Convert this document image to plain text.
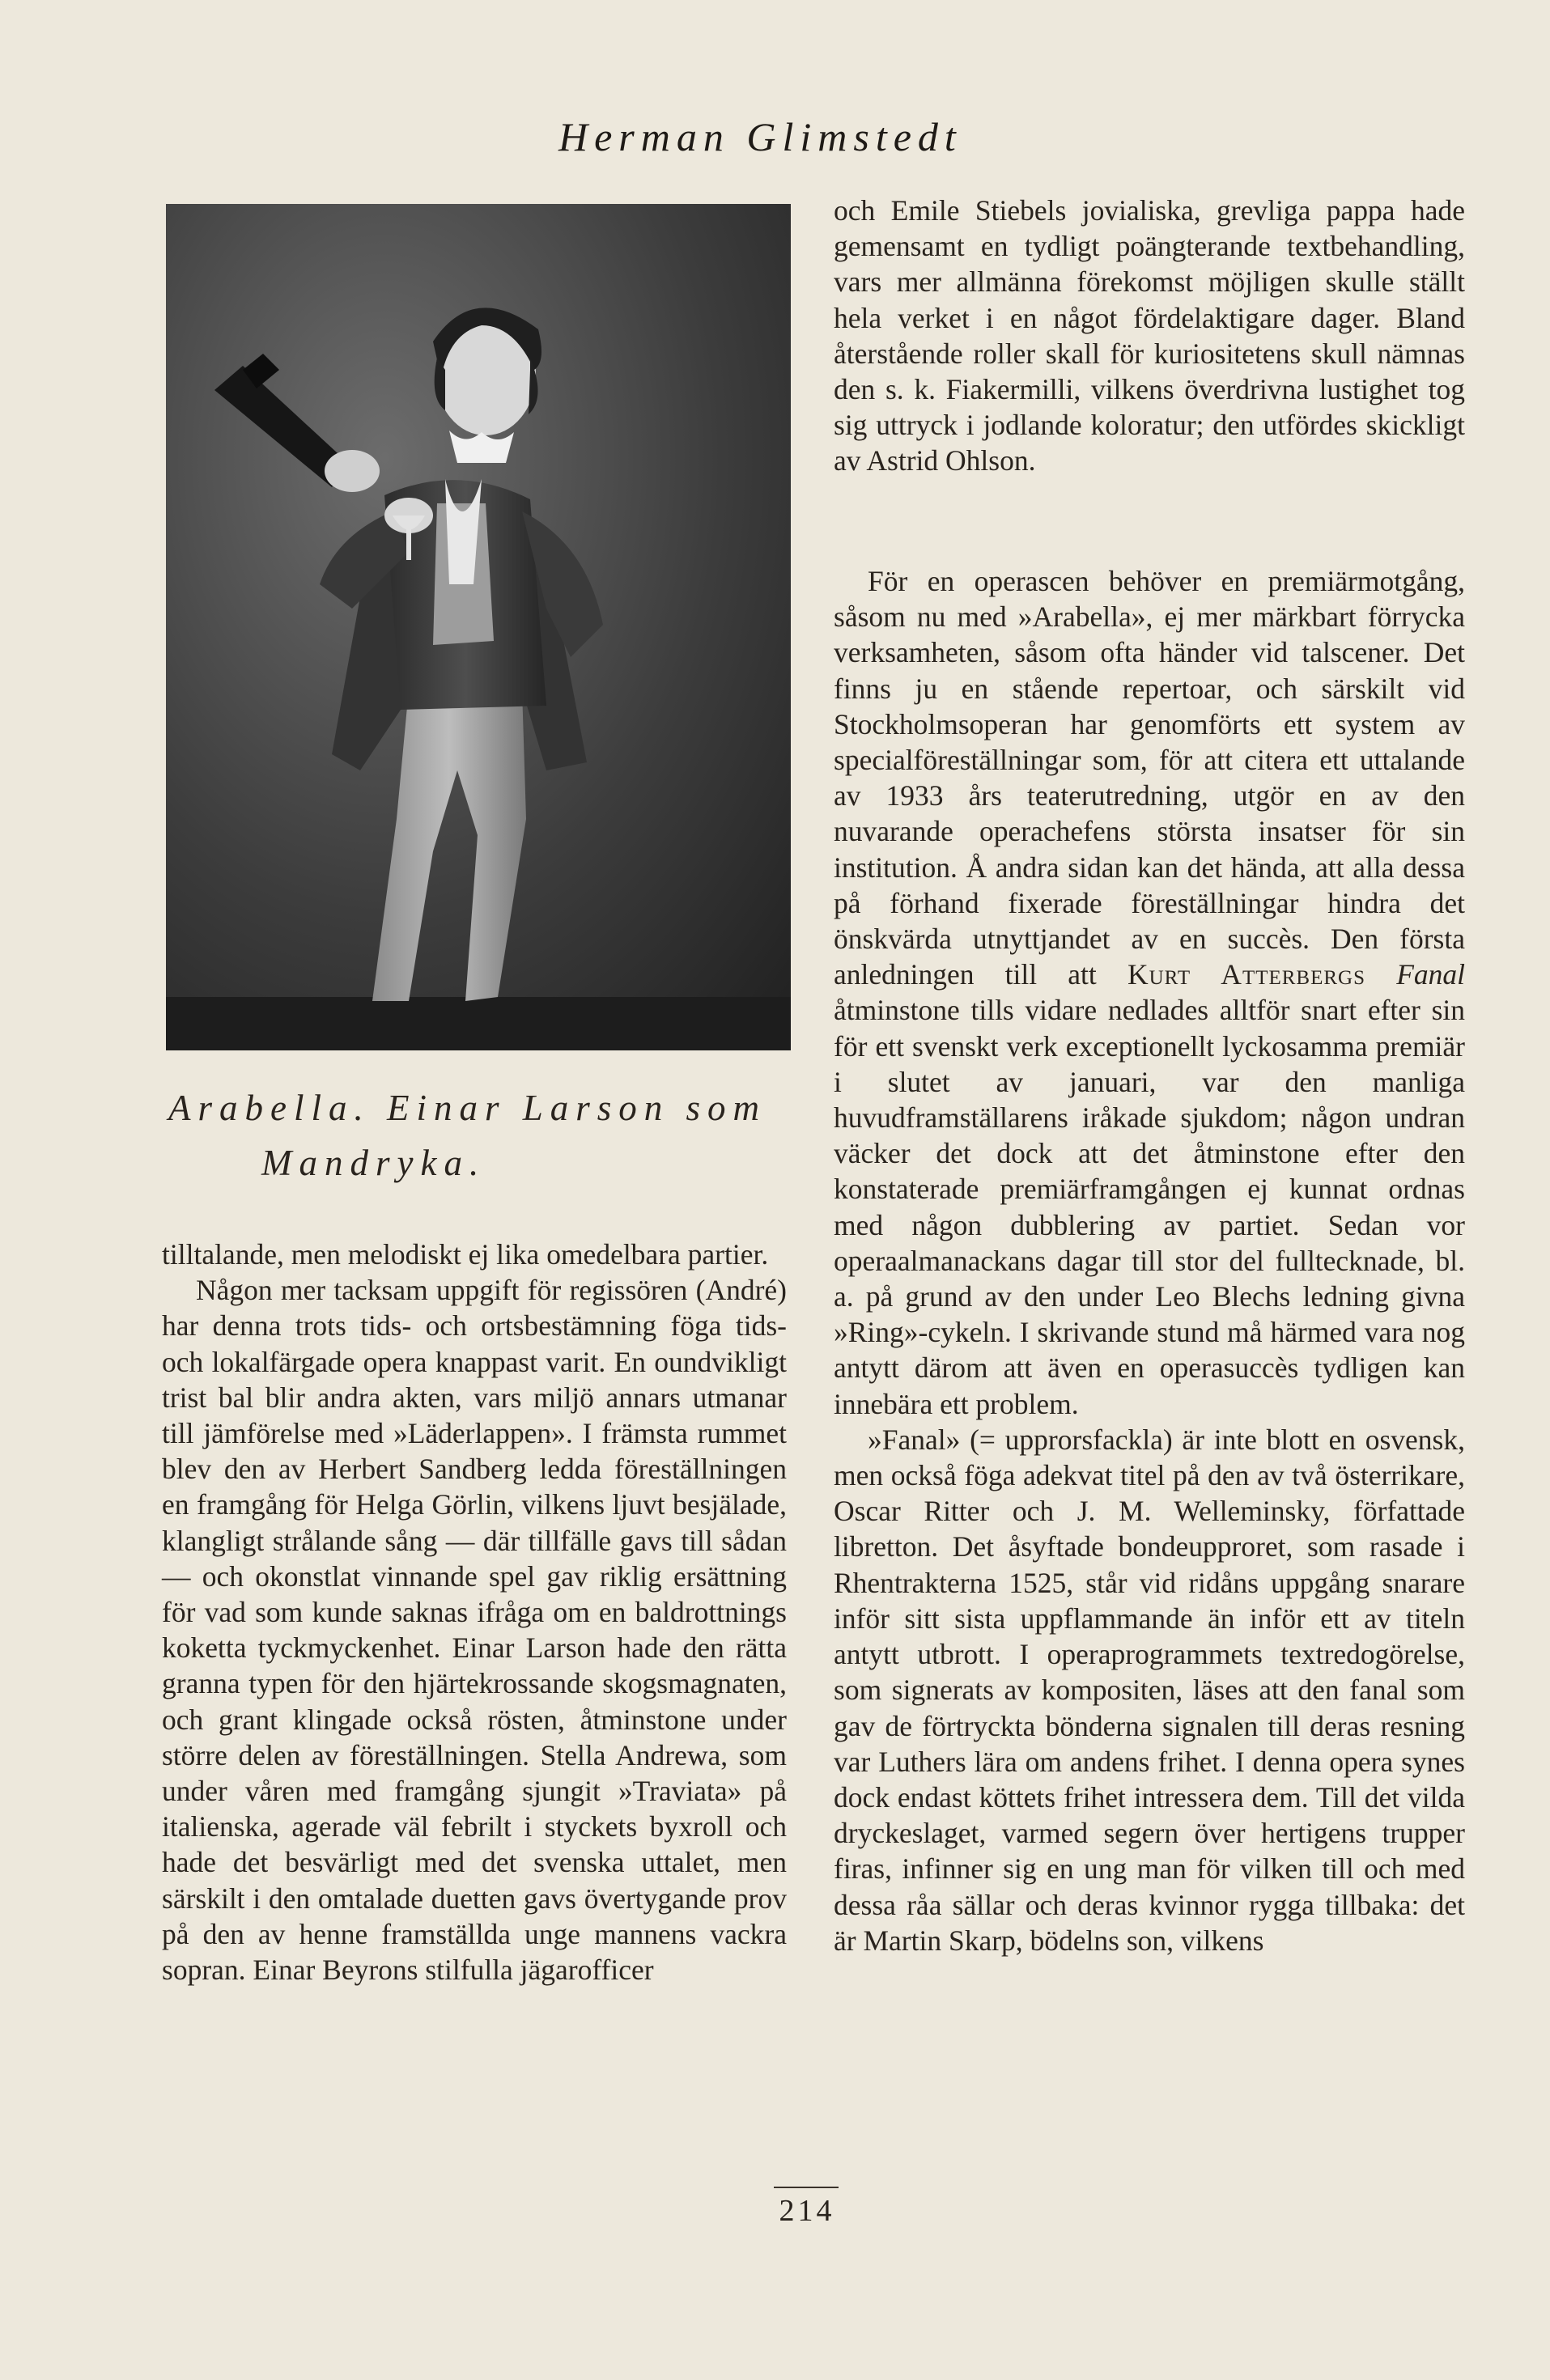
Herman Glimstedt
Arabella. Einar Larson som
Mandryka.

tilltalande, men melodiskt ej lika omedelbara partier.

Någon mer tacksam uppgift för regissören (André) har denna trots tids- och ortsbestämning föga tids- och lokalfärgade opera knappast varit. En oundvikligt trist bal blir andra akten, vars miljö annars utmanar till jämförelse med »Läderlappen». I främsta rummet blev den av Herbert Sandberg ledda föreställningen en framgång för Helga Görlin, vilkens ljuvt besjälade, klangligt strålande sång — där tillfälle gavs till sådan — och okonstlat vinnande spel gav riklig ersättning för vad som kunde saknas ifråga om en baldrottnings koketta tyckmyckenhet. Einar Larson hade den rätta granna typen för den hjärtekrossande skogsmagnaten, och grant klingade också rösten, åtminstone under större delen av föreställningen. Stella Andrewa, som under våren med framgång sjungit »Traviata» på italienska, agerade väl febrilt i styckets byxroll och hade det besvärligt med det svenska uttalet, men särskilt i den omtalade duetten gavs övertygande prov på den av henne framställda unge mannens vackra sopran. Einar Beyrons stilfulla jägarofficer

och Emile Stiebels jovialiska, grevliga pappa hade gemensamt en tydligt poängterande textbehandling, vars mer allmänna förekomst möjligen skulle ställt hela verket i en något fördelaktigare dager. Bland återstående roller skall för kuriositetens skull nämnas den s. k. Fiakermilli, vilkens överdrivna lustighet tog sig uttryck i jodlande koloratur; den utfördes skickligt av Astrid Ohlson.

För en operascen behöver en premiärmotgång, såsom nu med »Arabella», ej mer märkbart förrycka verksamheten, såsom ofta händer vid talscener. Det finns ju en stående repertoar, och särskilt vid Stockholmsoperan har genomförts ett system av specialföreställningar som, för att citera ett uttalande av 1933 års teaterutredning, utgör en av den nuvarande operachefens största insatser för sin institution. Å andra sidan kan det hända, att alla dessa på förhand fixerade föreställningar hindra det önskvärda utnyttjandet av en succès. Den första anledningen till att Kurt Atterbergs Fanal åtminstone tills vidare nedlades alltför snart efter sin för ett svenskt verk exceptionellt lyckosamma premiär i slutet av januari, var den manliga huvudframställarens iråkade sjukdom; någon undran väcker det dock att det åtminstone efter den konstaterade premiärframgången ej kunnat ordnas med någon dubblering av partiet. Sedan vor operaalmanackans dagar till stor del fulltecknade, bl. a. på grund av den under Leo Blechs ledning givna »Ring»-cykeln. I skrivande stund må härmed vara nog antytt därom att även en operasuccès tydligen kan innebära ett problem.

»Fanal» (= upprorsfackla) är inte blott en osvensk, men också föga adekvat titel på den av två österrikare, Oscar Ritter och J. M. Welleminsky, författade libretton. Det åsyftade bondeupproret, som rasade i Rhentrakterna 1525, står vid ridåns uppgång snarare inför sitt sista uppflammande än inför ett av titeln antytt utbrott. I operaprogrammets textredogörelse, som signerats av kompositen, läses att den fanal som gav de förtryckta bönderna signalen till deras resning var Luthers lära om andens frihet. I denna opera synes dock endast köttets frihet intressera dem. Till det vilda dryckeslaget, varmed segern över hertigens trupper firas, infinner sig en ung man för vilken till och med dessa råa sällar och deras kvinnor rygga tillbaka: det är Martin Skarp, bödelns son, vilkens

214
